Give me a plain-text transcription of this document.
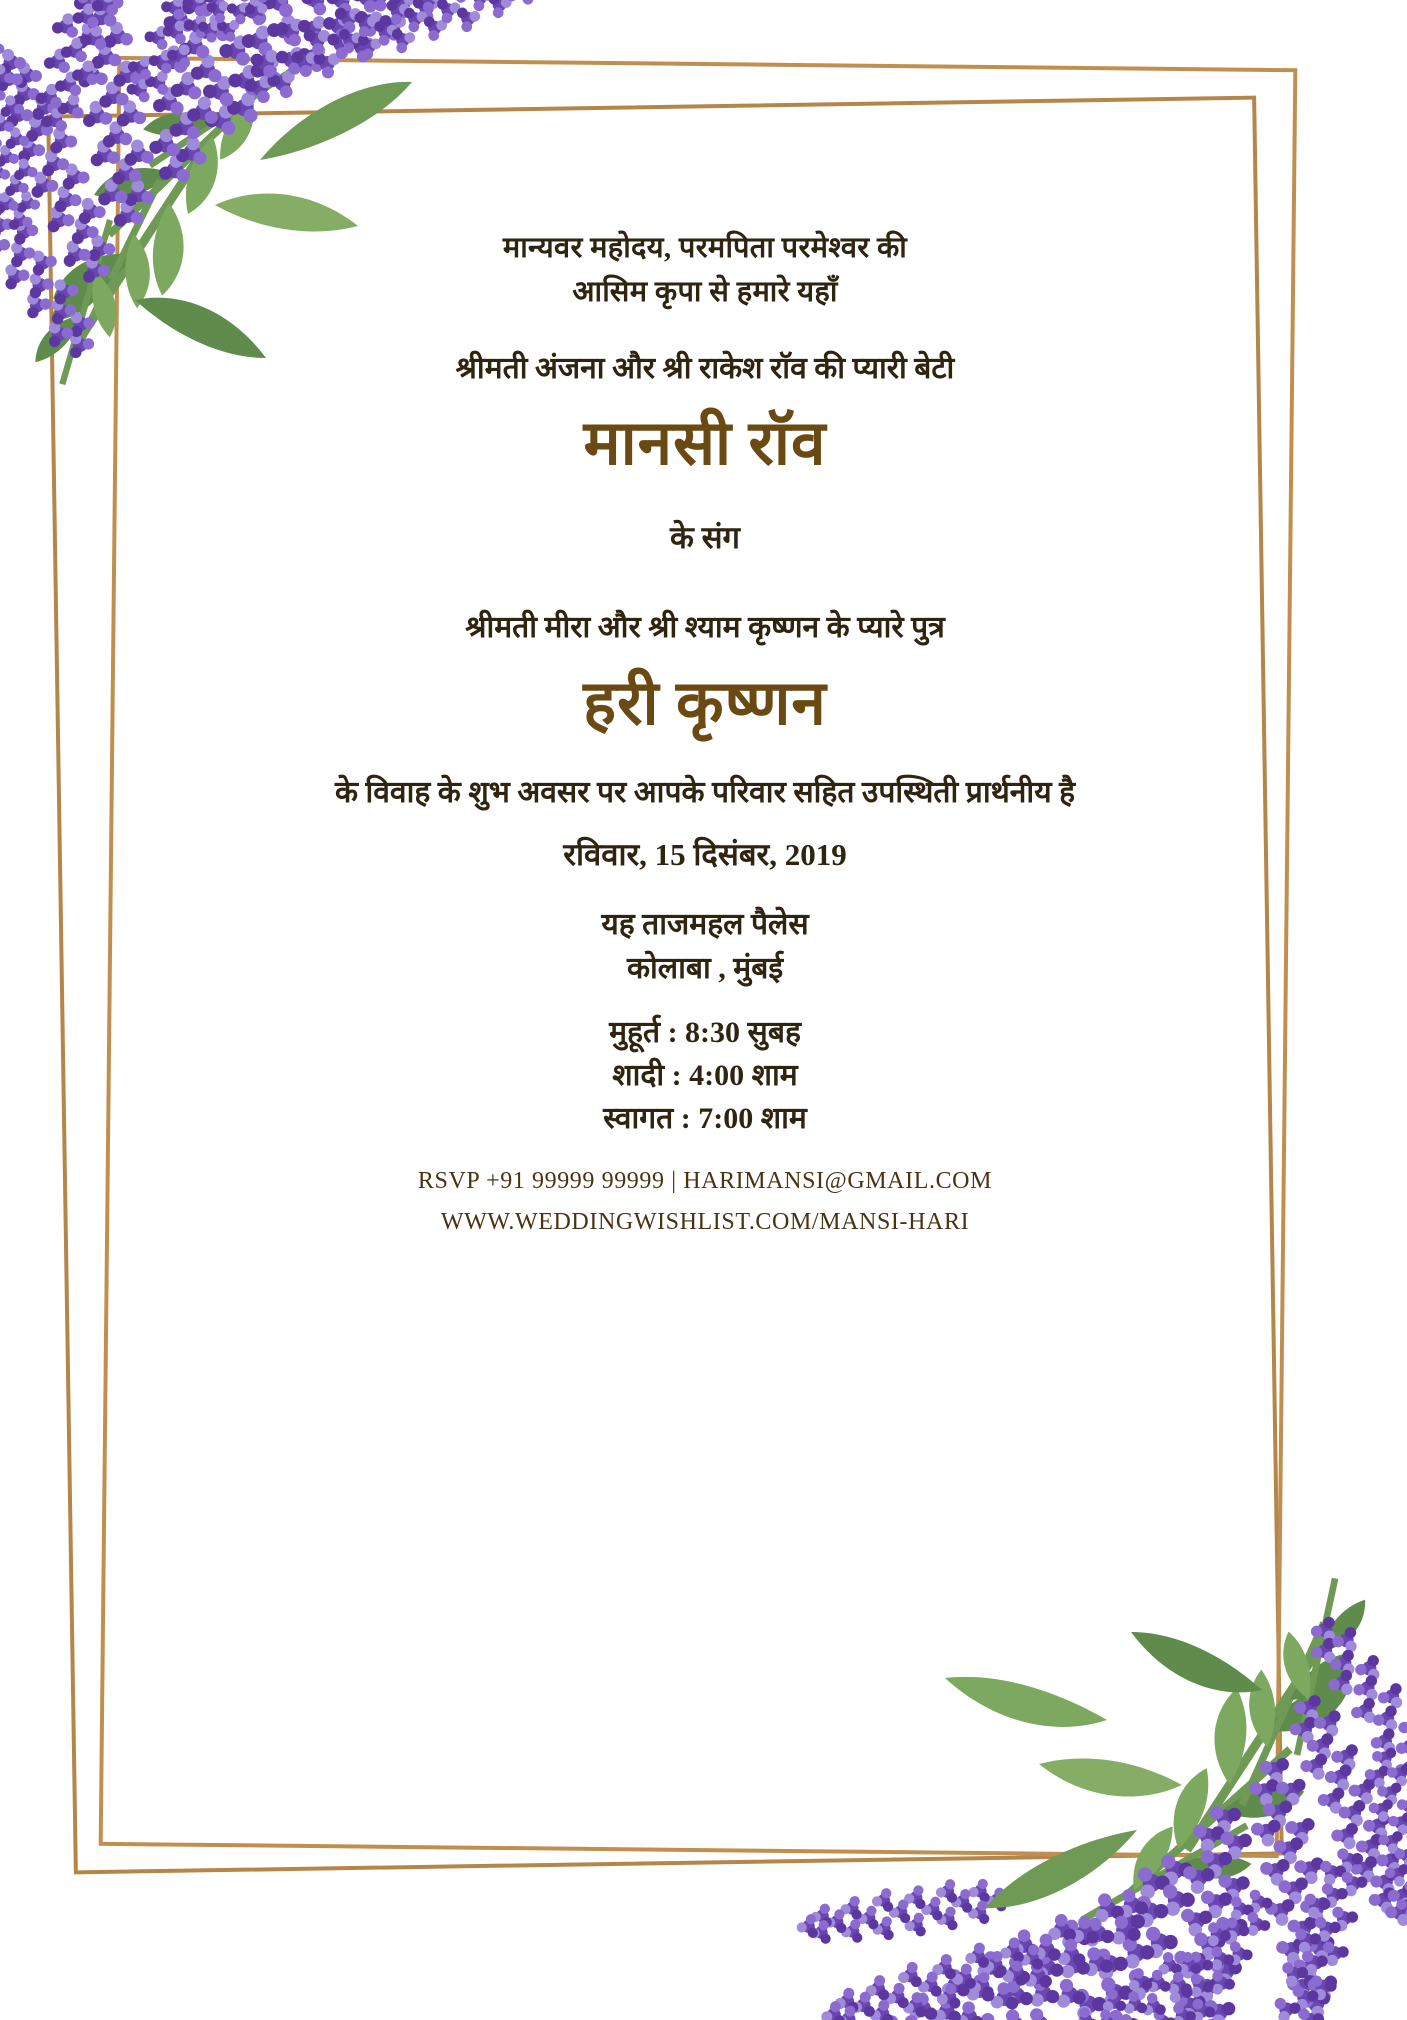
मान्यवर महोदय, परमपिता परमेश्वर की
आसिम कृपा से हमारे यहाँ
श्रीमती अंजना और श्री राकेश राॅव की प्यारी बेटी
मानसी राॅव
के संग
श्रीमती मीरा और श्री श्याम कृष्णन के प्यारे पुत्र
हरी कृष्णन
के विवाह के शुभ अवसर पर आपके परिवार सहित उपस्थिती प्रार्थनीय है
रविवार, 15 दिसंबर, 2019
यह ताजमहल पैलेस
कोलाबा , मुंबई
मुहूर्त : 8:30 सुबह
शादी : 4:00 शाम
स्वागत : 7:00 शाम
RSVP +91 99999 99999 | HARIMANSI@GMAIL.COM
WWW.WEDDINGWISHLIST.COM/MANSI-HARI
